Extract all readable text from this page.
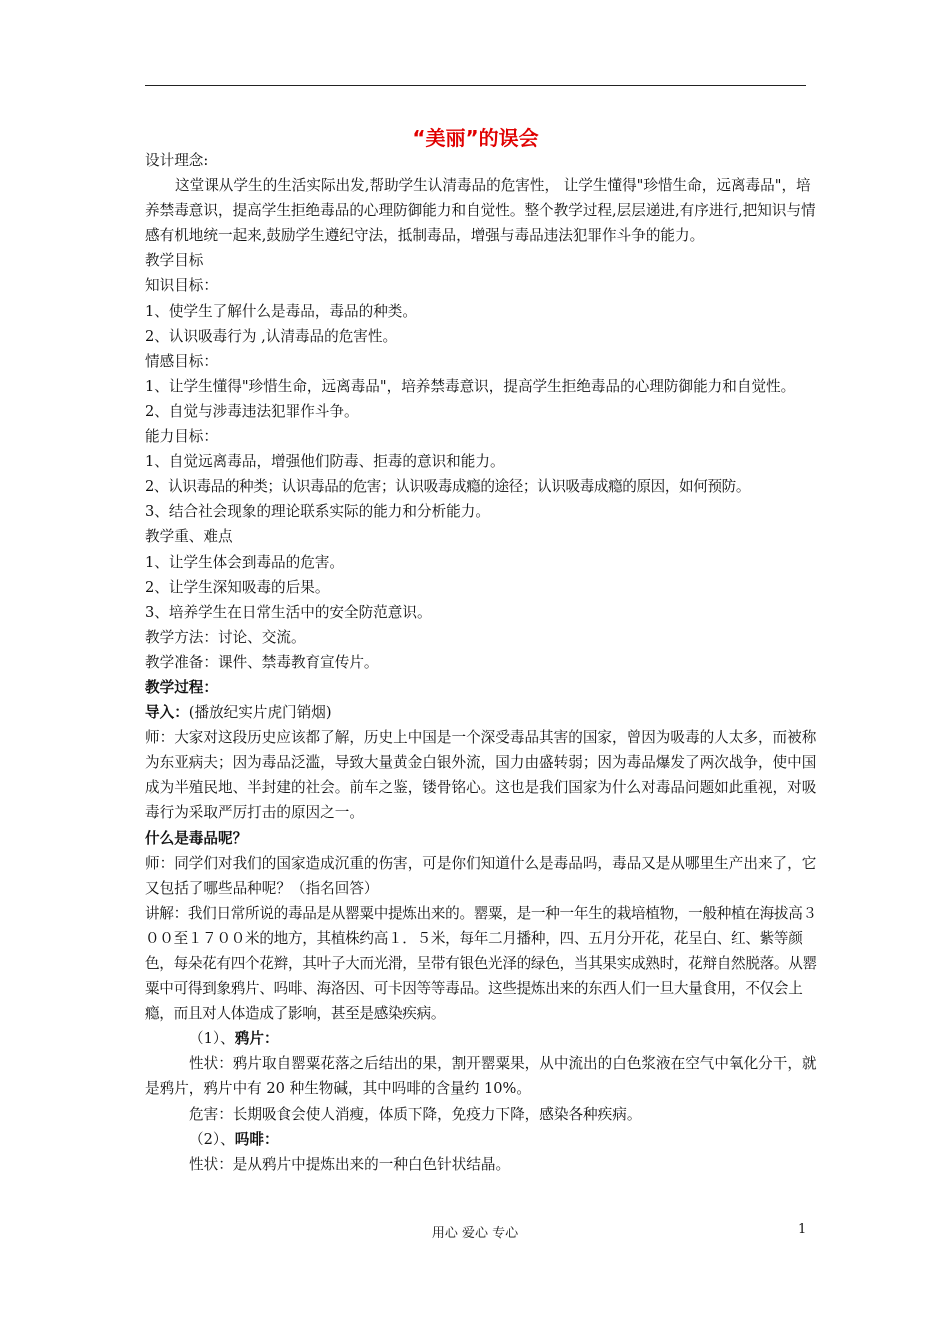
“美丽”的误会

设计理念:

这堂课从学生的生活实际出发,帮助学生认清毒品的危害性， 让学生懂得"珍惜生命，远离毒品"，培养禁毒意识，提高学生拒绝毒品的心理防御能力和自觉性。整个教学过程,层层递进,有序进行,把知识与情感有机地统一起来,鼓励学生遵纪守法，抵制毒品，增强与毒品违法犯罪作斗争的能力。

教学目标

知识目标：

1、使学生了解什么是毒品，毒品的种类。

2、认识吸毒行为 ,认清毒品的危害性。

情感目标：

1、让学生懂得"珍惜生命，远离毒品"，培养禁毒意识，提高学生拒绝毒品的心理防御能力和自觉性。

2、自觉与涉毒违法犯罪作斗争。

能力目标：

1、自觉远离毒品，增强他们防毒、拒毒的意识和能力。

2、认识毒品的种类；认识毒品的危害；认识吸毒成瘾的途径；认识吸毒成瘾的原因，如何预防。

3、结合社会现象的理论联系实际的能力和分析能力。

教学重、难点

1、让学生体会到毒品的危害。

2、让学生深知吸毒的后果。

3、培养学生在日常生活中的安全防范意识。

教学方法：讨论、交流。

教学准备：课件、禁毒教育宣传片。

教学过程：

导入：(播放纪实片虎门销烟)

师：大家对这段历史应该都了解，历史上中国是一个深受毒品其害的国家，曾因为吸毒的人太多，而被称为东亚病夫；因为毒品泛滥，导致大量黄金白银外流，国力由盛转弱；因为毒品爆发了两次战争，使中国成为半殖民地、半封建的社会。前车之鉴，镂骨铭心。这也是我们国家为什么对毒品问题如此重视，对吸毒行为采取严厉打击的原因之一。

什么是毒品呢？

师：同学们对我们的国家造成沉重的伤害，可是你们知道什么是毒品吗，毒品又是从哪里生产出来了，它又包括了哪些品种呢？（指名回答）

讲解：我们日常所说的毒品是从罂粟中提炼出来的。罂粟，是一种一年生的栽培植物，一般种植在海拔高３００至１７００米的地方，其植株约高１．５米，每年二月播种，四、五月分开花，花呈白、红、紫等颜色，每朵花有四个花辫，其叶子大而光滑，呈带有银色光泽的绿色，当其果实成熟时，花辩自然脱落。从罂粟中可得到象鸦片、吗啡、海洛因、可卡因等等毒品。这些提炼出来的东西人们一旦大量食用，不仅会上瘾，而且对人体造成了影响，甚至是感染疾病。

（1）、鸦片：

性状：鸦片取自罂粟花落之后结出的果，割开罂粟果，从中流出的白色浆液在空气中氧化分干，就是鸦片，鸦片中有 20 种生物碱，其中吗啡的含量约 10%。

危害：长期吸食会使人消瘦，体质下降，免疫力下降，感染各种疾病。

（2）、吗啡：

性状：是从鸦片中提炼出来的一种白色针状结晶。

用心 爱心 专心	1
